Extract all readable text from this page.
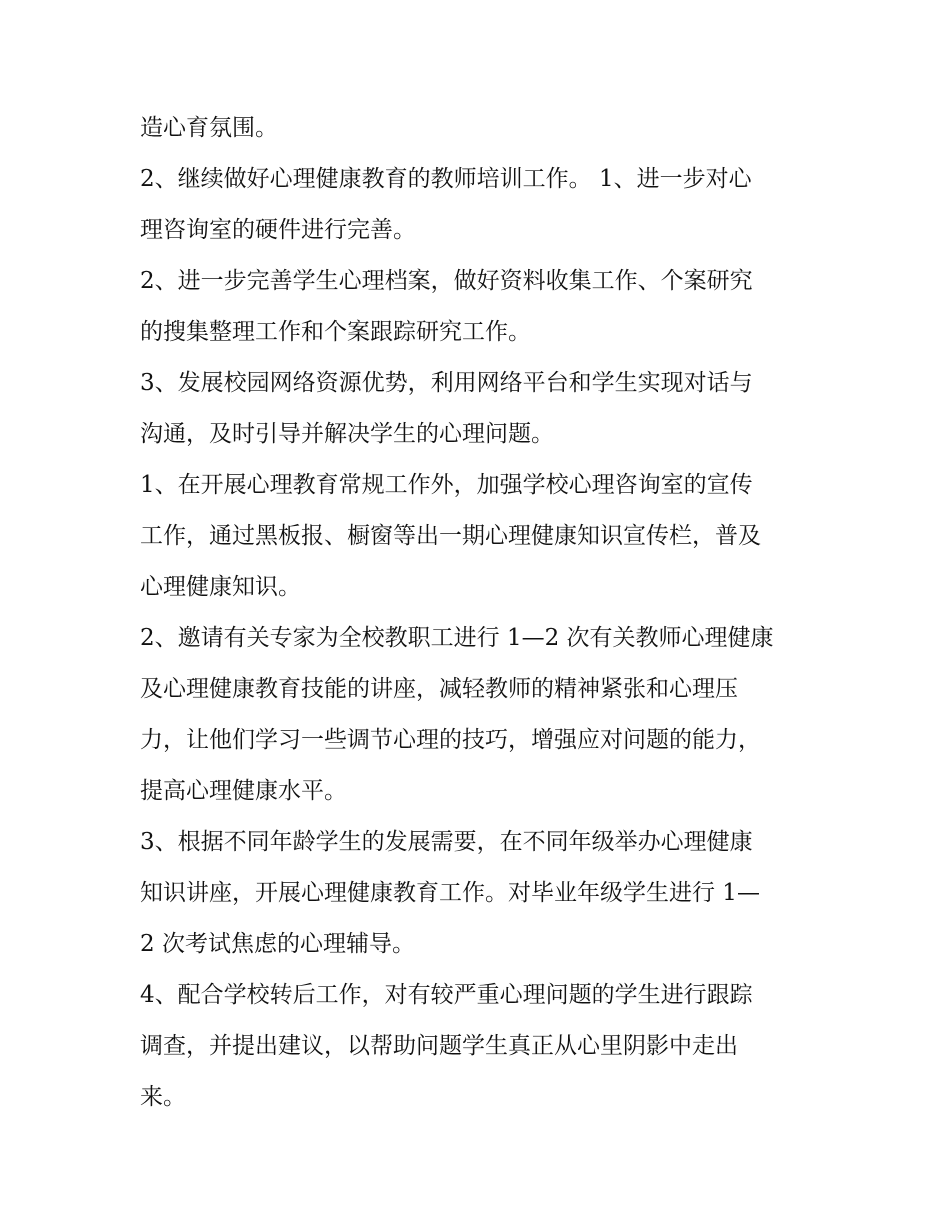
造心育氛围。
2、继续做好心理健康教育的教师培训工作。 1、进一步对心
理咨询室的硬件进行完善。
2、进一步完善学生心理档案，做好资料收集工作、个案研究
的搜集整理工作和个案跟踪研究工作。
3、发展校园网络资源优势，利用网络平台和学生实现对话与
沟通，及时引导并解决学生的心理问题。
1、在开展心理教育常规工作外，加强学校心理咨询室的宣传
工作，通过黑板报、橱窗等出一期心理健康知识宣传栏，普及
心理健康知识。
2、邀请有关专家为全校教职工进行 1—2 次有关教师心理健康
及心理健康教育技能的讲座，减轻教师的精神紧张和心理压
力，让他们学习一些调节心理的技巧，增强应对问题的能力，
提高心理健康水平。
3、根据不同年龄学生的发展需要，在不同年级举办心理健康
知识讲座，开展心理健康教育工作。对毕业年级学生进行 1—
2 次考试焦虑的心理辅导。
4、配合学校转后工作，对有较严重心理问题的学生进行跟踪
调查，并提出建议，以帮助问题学生真正从心里阴影中走出
来。
